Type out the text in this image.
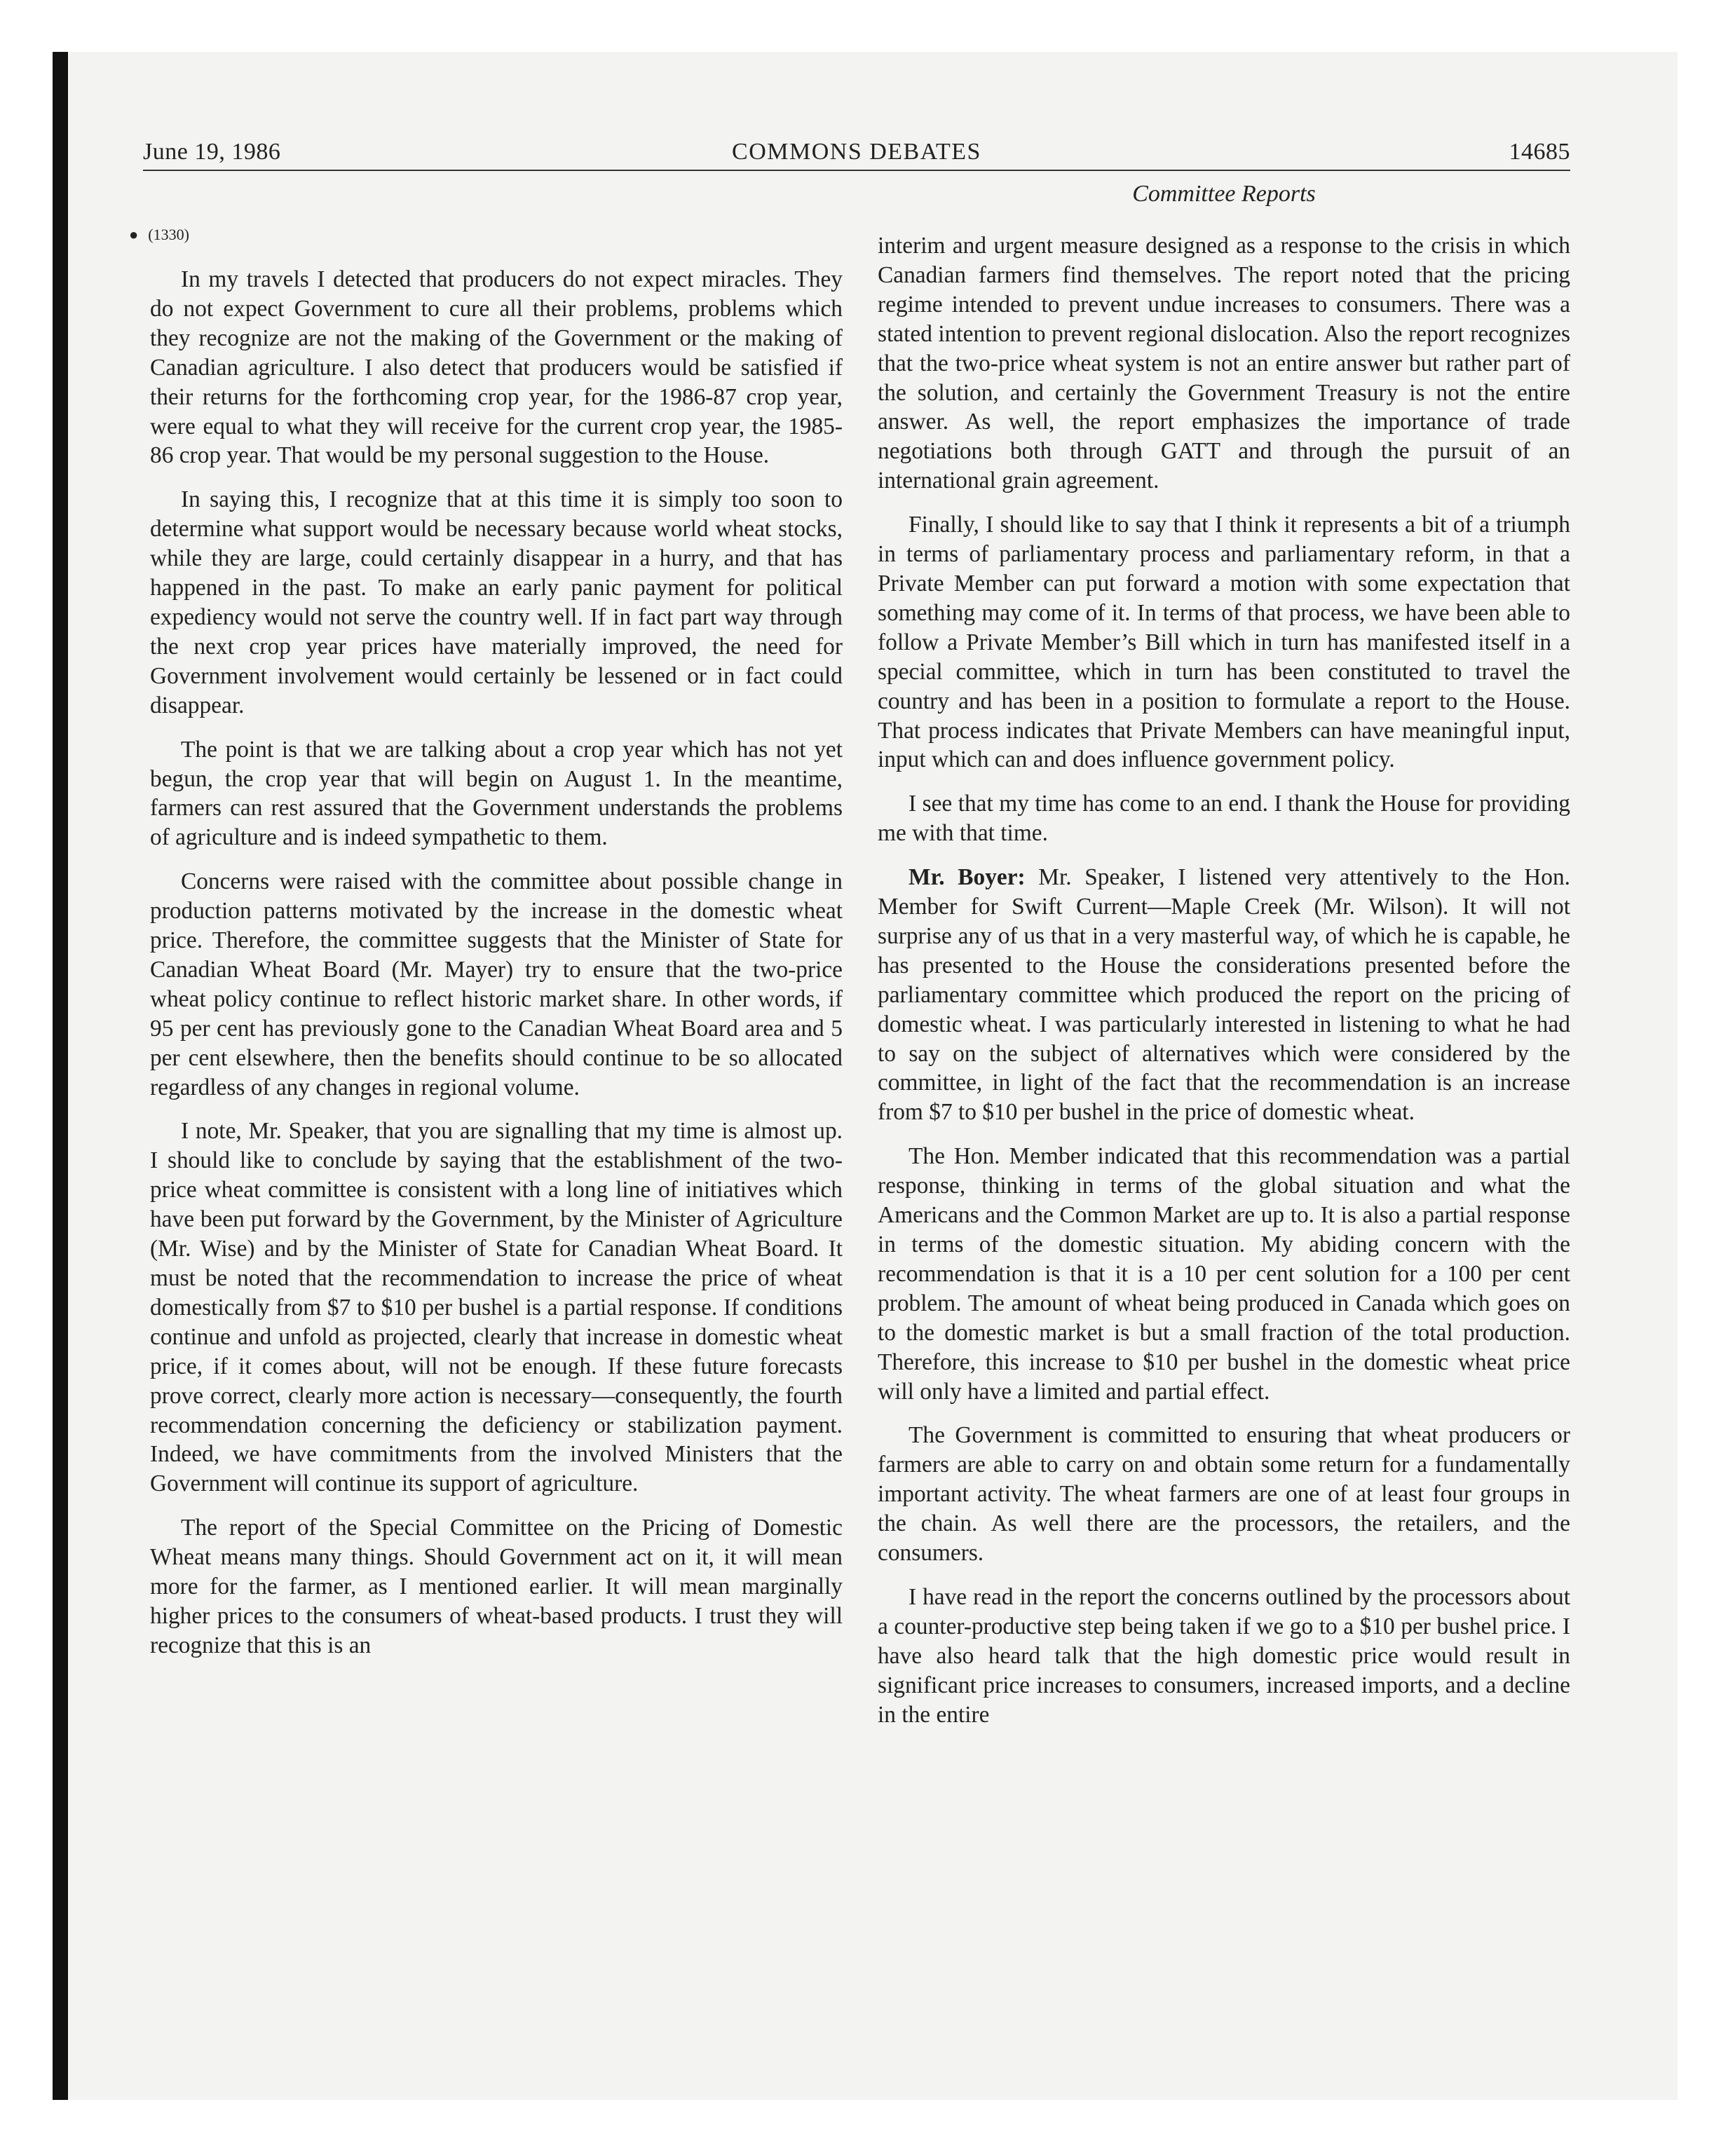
June 19, 1986	COMMONS DEBATES	14685
Committee Reports
● (1330)

In my travels I detected that producers do not expect miracles. They do not expect Government to cure all their problems, problems which they recognize are not the making of the Government or the making of Canadian agriculture. I also detect that producers would be satisfied if their returns for the forthcoming crop year, for the 1986-87 crop year, were equal to what they will receive for the current crop year, the 1985-86 crop year. That would be my personal suggestion to the House.

In saying this, I recognize that at this time it is simply too soon to determine what support would be necessary because world wheat stocks, while they are large, could certainly disappear in a hurry, and that has happened in the past. To make an early panic payment for political expediency would not serve the country well. If in fact part way through the next crop year prices have materially improved, the need for Government involvement would certainly be lessened or in fact could disappear.

The point is that we are talking about a crop year which has not yet begun, the crop year that will begin on August 1. In the meantime, farmers can rest assured that the Government understands the problems of agriculture and is indeed sympathetic to them.

Concerns were raised with the committee about possible change in production patterns motivated by the increase in the domestic wheat price. Therefore, the committee suggests that the Minister of State for Canadian Wheat Board (Mr. Mayer) try to ensure that the two-price wheat policy continue to reflect historic market share. In other words, if 95 per cent has previously gone to the Canadian Wheat Board area and 5 per cent elsewhere, then the benefits should continue to be so allocated regardless of any changes in regional volume.

I note, Mr. Speaker, that you are signalling that my time is almost up. I should like to conclude by saying that the establishment of the two-price wheat committee is consistent with a long line of initiatives which have been put forward by the Government, by the Minister of Agriculture (Mr. Wise) and by the Minister of State for Canadian Wheat Board. It must be noted that the recommendation to increase the price of wheat domestically from $7 to $10 per bushel is a partial response. If conditions continue and unfold as projected, clearly that increase in domestic wheat price, if it comes about, will not be enough. If these future forecasts prove correct, clearly more action is necessary—consequently, the fourth recommendation concerning the deficiency or stabilization payment. Indeed, we have commitments from the involved Ministers that the Government will continue its support of agriculture.

The report of the Special Committee on the Pricing of Domestic Wheat means many things. Should Government act on it, it will mean more for the farmer, as I mentioned earlier. It will mean marginally higher prices to the consumers of wheat-based products. I trust they will recognize that this is an

interim and urgent measure designed as a response to the crisis in which Canadian farmers find themselves. The report noted that the pricing regime intended to prevent undue increases to consumers. There was a stated intention to prevent regional dislocation. Also the report recognizes that the two-price wheat system is not an entire answer but rather part of the solution, and certainly the Government Treasury is not the entire answer. As well, the report emphasizes the importance of trade negotiations both through GATT and through the pursuit of an international grain agreement.

Finally, I should like to say that I think it represents a bit of a triumph in terms of parliamentary process and parliamentary reform, in that a Private Member can put forward a motion with some expectation that something may come of it. In terms of that process, we have been able to follow a Private Member’s Bill which in turn has manifested itself in a special committee, which in turn has been constituted to travel the country and has been in a position to formulate a report to the House. That process indicates that Private Members can have meaningful input, input which can and does influence government policy.

I see that my time has come to an end. I thank the House for providing me with that time.

Mr. Boyer: Mr. Speaker, I listened very attentively to the Hon. Member for Swift Current—Maple Creek (Mr. Wilson). It will not surprise any of us that in a very masterful way, of which he is capable, he has presented to the House the considerations presented before the parliamentary committee which produced the report on the pricing of domestic wheat. I was particularly interested in listening to what he had to say on the subject of alternatives which were considered by the committee, in light of the fact that the recommendation is an increase from $7 to $10 per bushel in the price of domestic wheat.

The Hon. Member indicated that this recommendation was a partial response, thinking in terms of the global situation and what the Americans and the Common Market are up to. It is also a partial response in terms of the domestic situation. My abiding concern with the recommendation is that it is a 10 per cent solution for a 100 per cent problem. The amount of wheat being produced in Canada which goes on to the domestic market is but a small fraction of the total production. Therefore, this increase to $10 per bushel in the domestic wheat price will only have a limited and partial effect.

The Government is committed to ensuring that wheat producers or farmers are able to carry on and obtain some return for a fundamentally important activity. The wheat farmers are one of at least four groups in the chain. As well there are the processors, the retailers, and the consumers.

I have read in the report the concerns outlined by the processors about a counter-productive step being taken if we go to a $10 per bushel price. I have also heard talk that the high domestic price would result in significant price increases to consumers, increased imports, and a decline in the entire
